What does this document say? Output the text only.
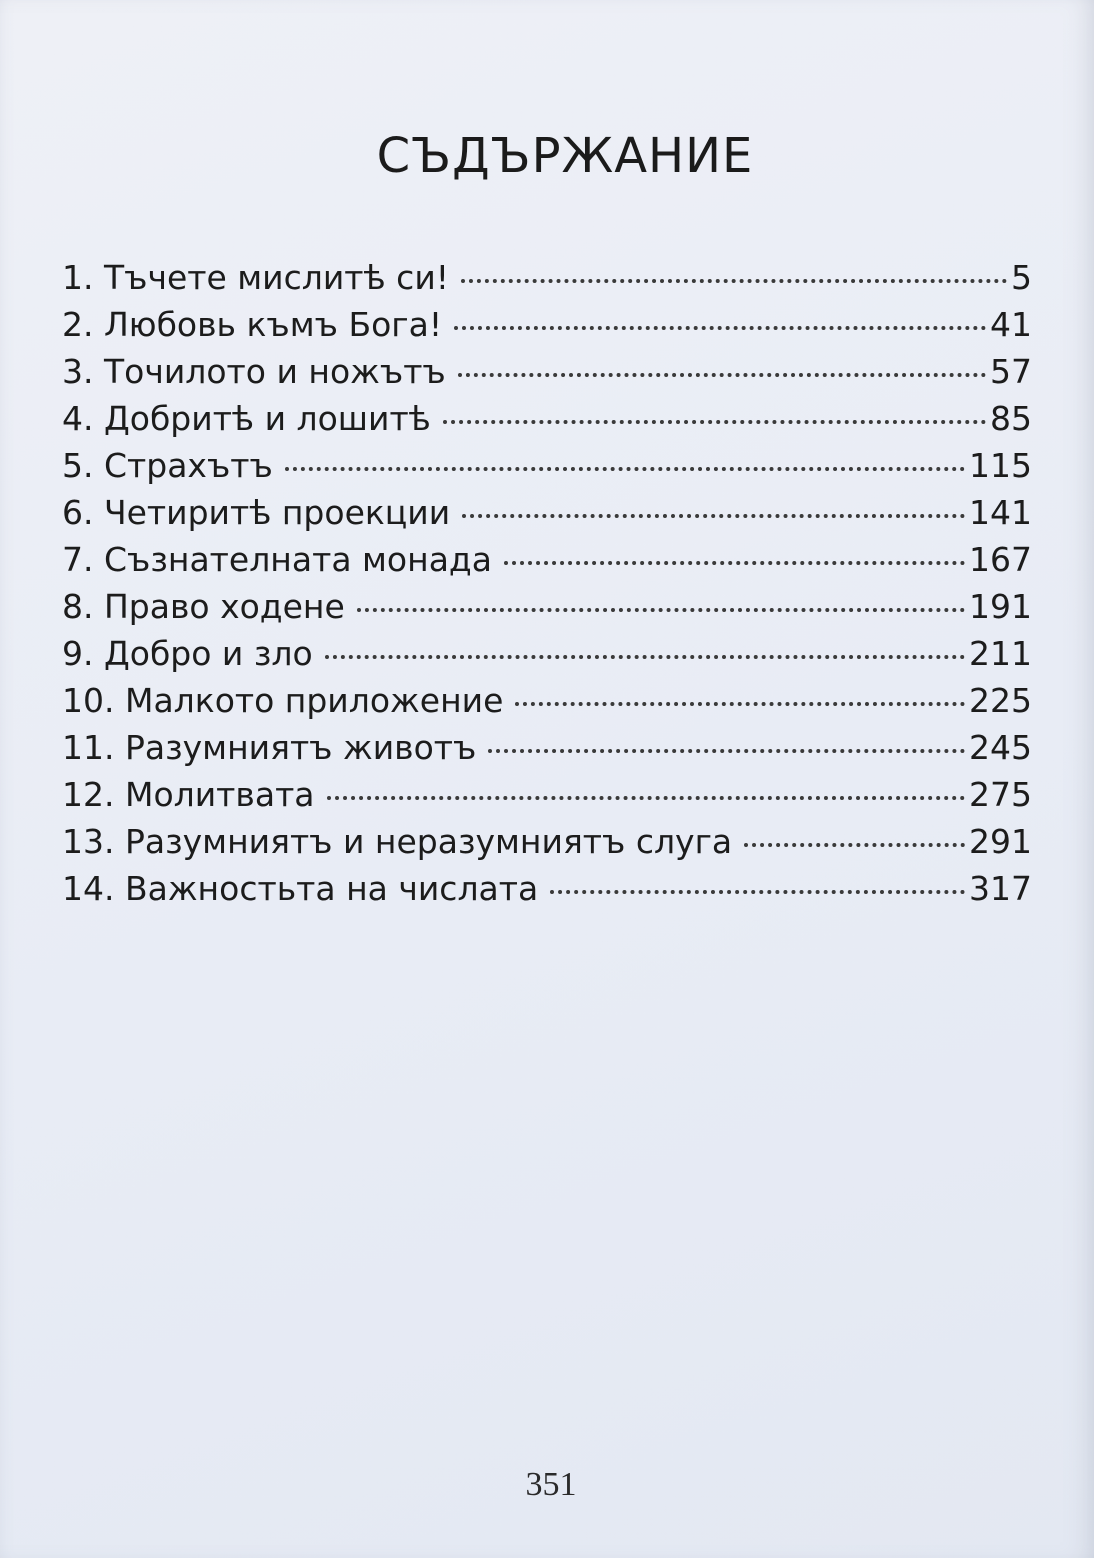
СЪДЪРЖАНИЕ
1. Тъчете мислитѣ си!	5
2. Любовь къмъ Бога!	41
3. Точилото и ножътъ	57
4. Добритѣ и лошитѣ	85
5. Страхътъ	115
6. Четиритѣ проекции	141
7. Съзнателната монада	167
8. Право ходене	191
9. Добро и зло	211
10. Малкото приложение	225
11. Разумниятъ животъ	245
12. Молитвата	275
13. Разумниятъ и неразумниятъ слуга	291
14. Важностьта на числата	317
351
